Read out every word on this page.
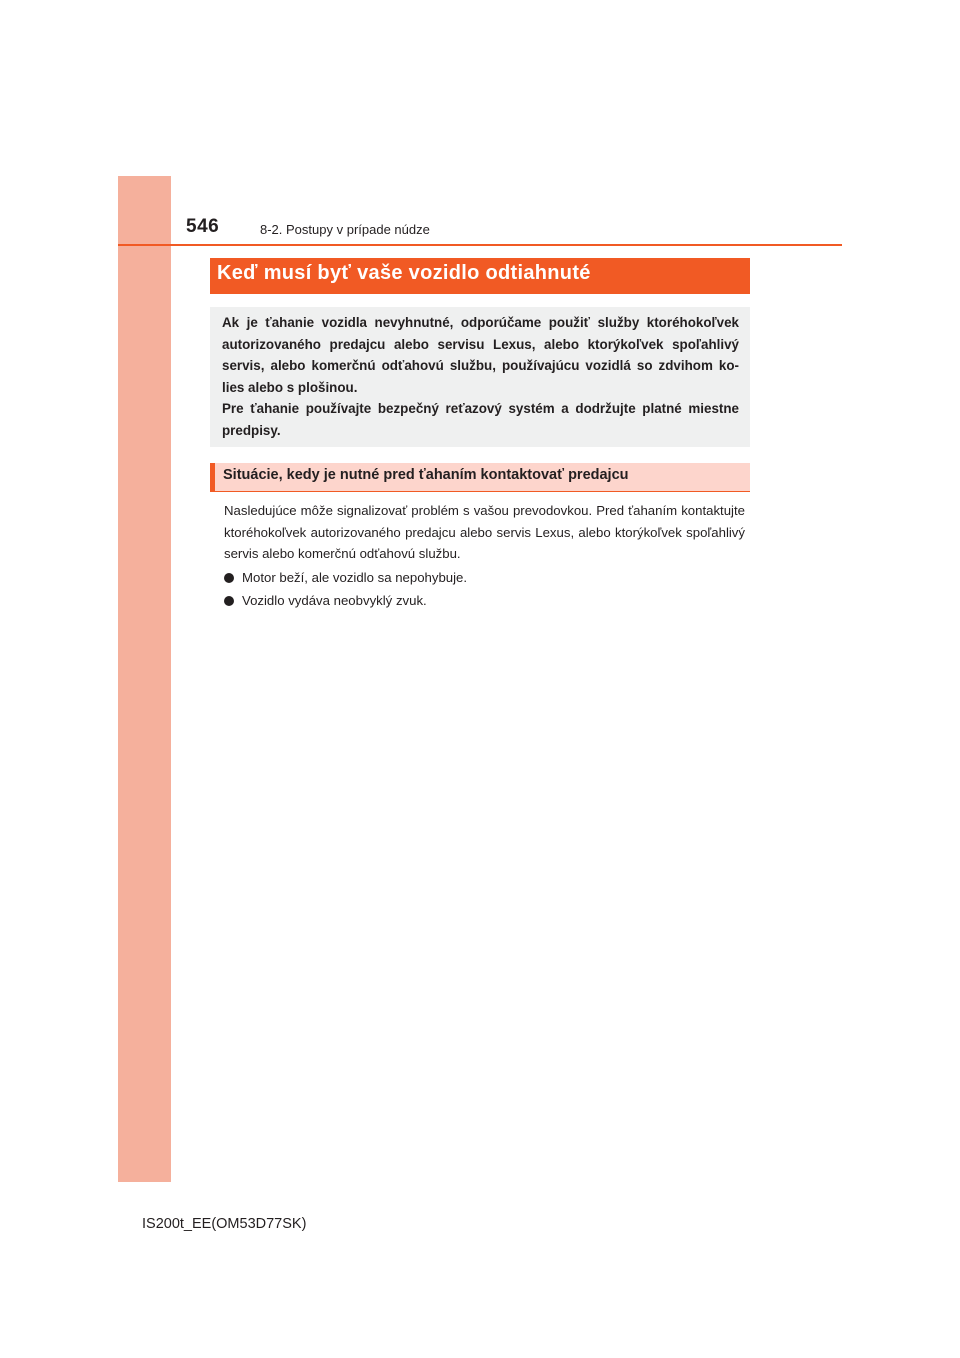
546	8-2. Postupy v prípade núdze
Keď musí byť vaše vozidlo odtiahnuté

Ak je ťahanie vozidla nevyhnutné, odporúčame použiť služby ktoréhokoľvek autorizovaného predajcu alebo servisu Lexus, alebo ktorýkoľvek spoľahlivý servis, alebo komerčnú odťahovú službu, používajúcu vozidlá so zdvihom ko-lies alebo s plošinou.

Pre ťahanie používajte bezpečný reťazový systém a dodržujte platné miestne predpisy.

Situácie, kedy je nutné pred ťahaním kontaktovať predajcu

Nasledujúce môže signalizovať problém s vašou prevodovkou. Pred ťahaním kontaktujte ktoréhokoľvek autorizovaného predajcu alebo servis Lexus, alebo ktorýkoľvek spoľahlivý servis alebo komerčnú odťahovú službu.

Motor beží, ale vozidlo sa nepohybuje.
Vozidlo vydáva neobvyklý zvuk.
IS200t_EE(OM53D77SK)
